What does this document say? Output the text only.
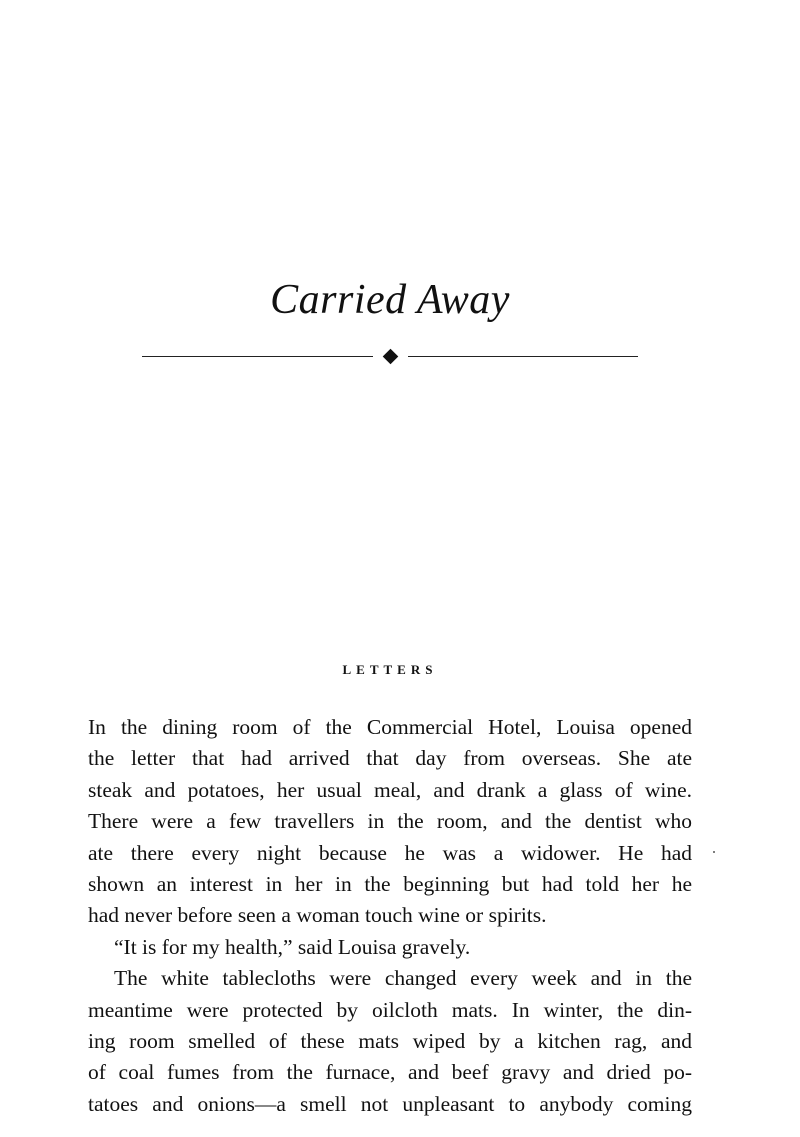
Carried Away
LETTERS
In the dining room of the Commercial Hotel, Louisa opened
the letter that had arrived that day from overseas. She ate
steak and potatoes, her usual meal, and drank a glass of wine.
There were a few travellers in the room, and the dentist who
ate there every night because he was a widower. He had
shown an interest in her in the beginning but had told her he
had never before seen a woman touch wine or spirits.
“It is for my health,” said Louisa gravely.
The white tablecloths were changed every week and in the
meantime were protected by oilcloth mats. In winter, the din-
ing room smelled of these mats wiped by a kitchen rag, and
of coal fumes from the furnace, and beef gravy and dried po-
tatoes and onions—a smell not unpleasant to anybody coming
